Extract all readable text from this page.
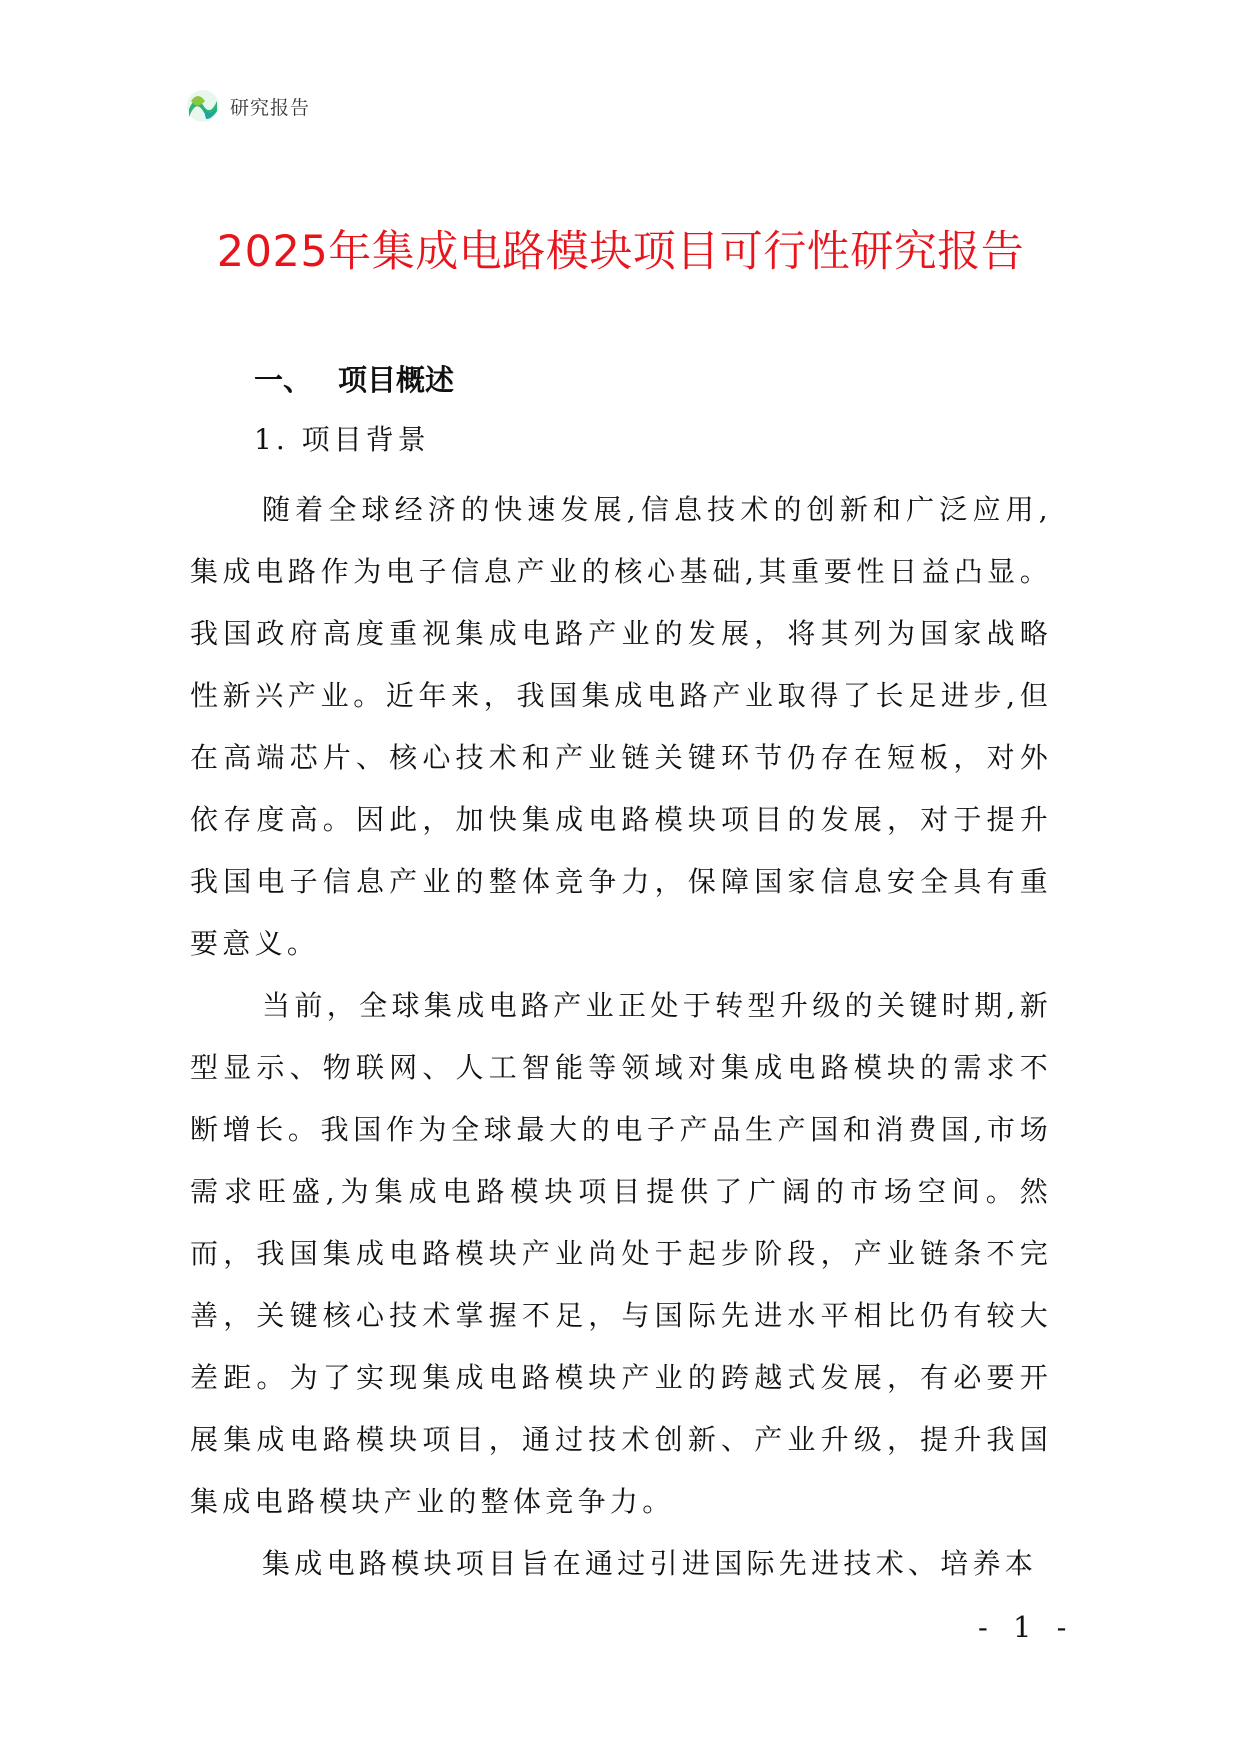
研究报告
2025年集成电路模块项目可行性研究报告
一、 项目概述
1. 项目背景

随着全球经济的快速发展,信息技术的创新和广泛应用,集成电路作为电子信息产业的核心基础,其重要性日益凸显。我国政府高度重视集成电路产业的发展，将其列为国家战略性新兴产业。近年来，我国集成电路产业取得了长足进步,但在高端芯片、核心技术和产业链关键环节仍存在短板，对外依存度高。因此，加快集成电路模块项目的发展，对于提升我国电子信息产业的整体竞争力，保障国家信息安全具有重要意义。

当前，全球集成电路产业正处于转型升级的关键时期,新型显示、物联网、人工智能等领域对集成电路模块的需求不断增长。我国作为全球最大的电子产品生产国和消费国,市场需求旺盛,为集成电路模块项目提供了广阔的市场空间。然而，我国集成电路模块产业尚处于起步阶段，产业链条不完善，关键核心技术掌握不足，与国际先进水平相比仍有较大差距。为了实现集成电路模块产业的跨越式发展，有必要开展集成电路模块项目，通过技术创新、产业升级，提升我国集成电路模块产业的整体竞争力。

集成电路模块项目旨在通过引进国际先进技术、培养本

- 1 -
